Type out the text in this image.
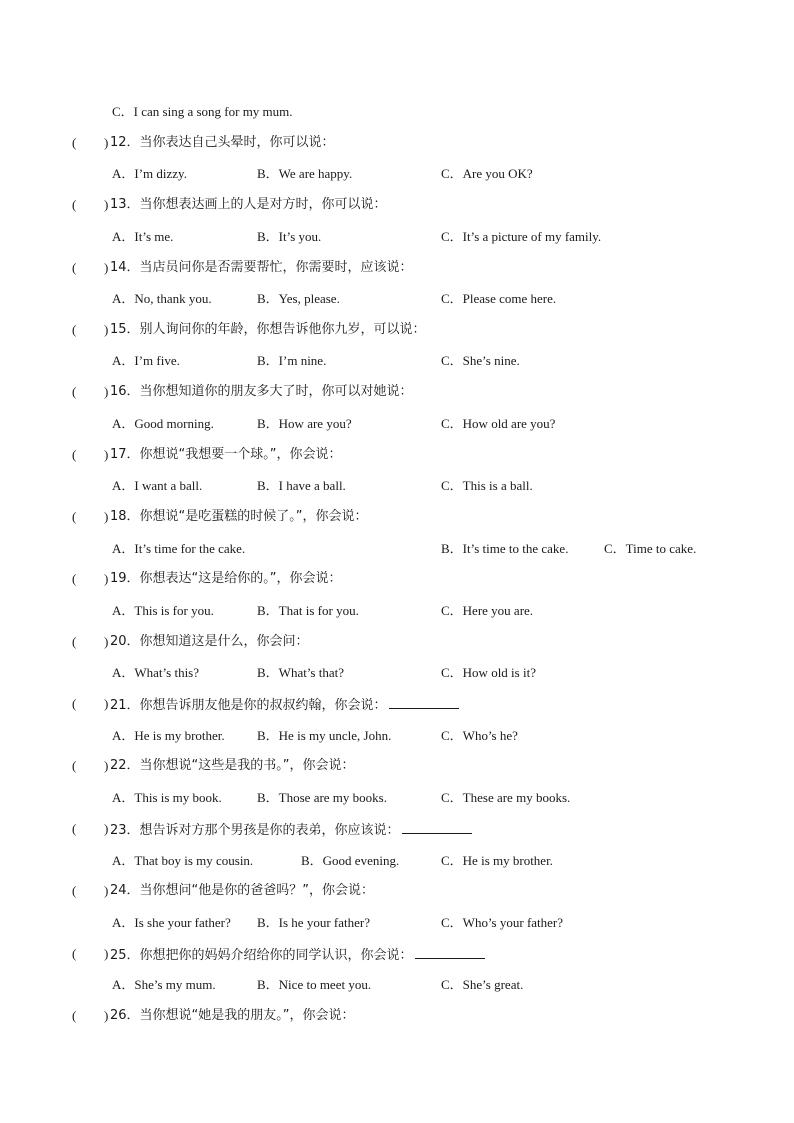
C．I can sing a song for my mum.
( ) 12．当你表达自己头晕时，你可以说：
A．I’m dizzy.	B．We are happy.	C．Are you OK?
( ) 13．当你想表达画上的人是对方时，你可以说：
A．It’s me.	B．It’s you.	C．It’s a picture of my family.
( ) 14．当店员问你是否需要帮忙，你需要时，应该说：
A．No, thank you.	B．Yes, please.	C．Please come here.
( ) 15．别人询问你的年龄，你想告诉他你九岁，可以说：
A．I’m five.	B．I’m nine.	C．She’s nine.
( ) 16．当你想知道你的朋友多大了时，你可以对她说：
A．Good morning.	B．How are you?	C．How old are you?
( ) 17．你想说“我想要一个球。”，你会说：
A．I want a ball.	B．I have a ball.	C．This is a ball.
( ) 18．你想说“是吃蛋糕的时候了。”，你会说：
A．It’s time for the cake.	B．It’s time to the cake.	C．Time to cake.
( ) 19．你想表达“这是给你的。”，你会说：
A．This is for you.	B．That is for you.	C．Here you are.
( ) 20．你想知道这是什么，你会问：
A．What’s this?	B．What’s that?	C．How old is it?
( ) 21．你想告诉朋友他是你的叔叔约翰，你会说：
A．He is my brother. B．He is my uncle, John.	C．Who’s he?
( ) 22．当你想说“这些是我的书。”，你会说：
A．This is my book.	B．Those are my books.	C．These are my books.
( ) 23．想告诉对方那个男孩是你的表弟，你应该说：
A．That boy is my cousin.	B．Good evening.	C．He is my brother.
( ) 24．当你想问“他是你的爸爸吗？”，你会说：
A．Is she your father? B．Is he your father?	C．Who’s your father?
( ) 25．你想把你的妈妈介绍给你的同学认识，你会说：
A．She’s my mum.	B．Nice to meet you.	C．She’s great.
( ) 26．当你想说“她是我的朋友。”，你会说：
